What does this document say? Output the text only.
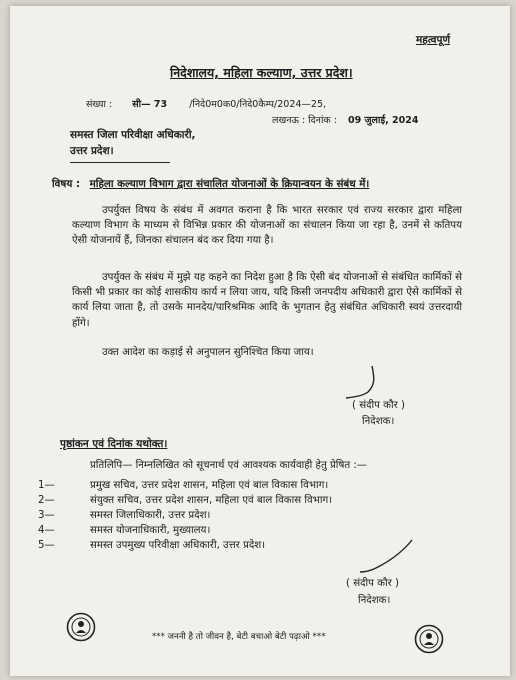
महत्वपूर्ण
निदेशालय, महिला कल्याण, उत्तर प्रदेश।
संख्या : सी— 73 /निदे0म0क0/निदे0कैम्प/2024—25,
लखनऊ : दिनांक : 09 जुलाई, 2024
समस्त जिला परिवीक्षा अधिकारी,
उत्तर प्रदेश।
विषय : महिला कल्याण विभाग द्वारा संचालित योजनाओं के क्रियान्वयन के संबंध में।
उपर्युक्त विषय के संबंध में अवगत कराना है कि भारत सरकार एवं राज्य सरकार द्वारा महिला कल्याण विभाग के माध्यम से विभिन्न प्रकार की योजनाओं का संचालन किया जा रहा है, उनमें से कतिपय ऐसी योजनायें हैं, जिनका संचालन बंद कर दिया गया है।
उपर्युक्त के संबंध में मुझे यह कहने का निदेश हुआ है कि ऐसी बंद योजनाओं से संबंधित कार्मिकों से किसी भी प्रकार का कोई शासकीय कार्य न लिया जाय, यदि किसी जनपदीय अधिकारी द्वारा ऐसे कार्मिकों से कार्य लिया जाता है, तो उसके मानदेय/पारिश्रमिक आदि के भुगतान हेतु संबंधित अधिकारी स्वयं उत्तरदायी होंगे।
उक्त आदेश का कड़ाई से अनुपालन सुनिश्चित किया जाय।
( संदीप कौर )
निदेशक।
पृष्ठांकन एवं दिनांक यथोक्त।
प्रतिलिपि— निम्नलिखित को सूचनार्थ एवं आवश्यक कार्यवाही हेतु प्रेषित :—
1—	प्रमुख सचिव, उत्तर प्रदेश शासन, महिला एवं बाल विकास विभाग।
2—	संयुक्त सचिव, उत्तर प्रदेश शासन, महिला एवं बाल विकास विभाग।
3—	समस्त जिलाधिकारी, उत्तर प्रदेश।
4—	समस्त योजनाधिकारी, मुख्यालय।
5—	समस्त उपमुख्य परिवीक्षा अधिकारी, उत्तर प्रदेश।
( संदीप कौर )
निदेशक।
*** जननी है तो जीवन है, बेटी बचाओ बेटी पढ़ाओ ***
